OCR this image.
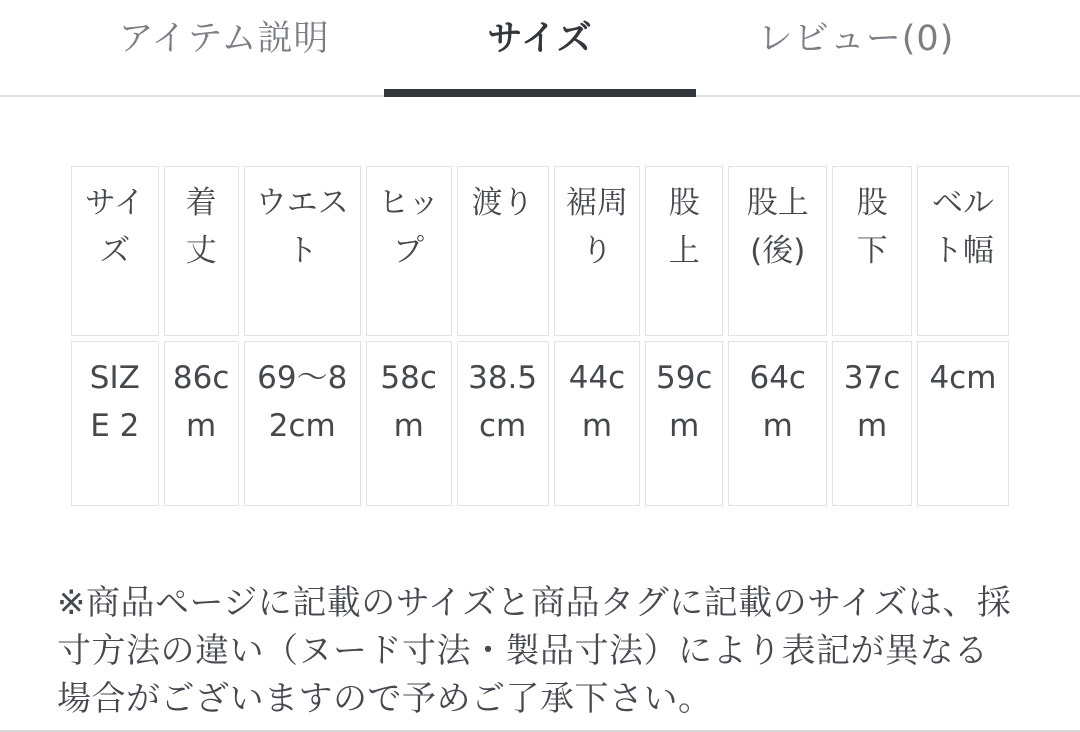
アイテム説明	サイズ	レビュー(0)
サイズ	着丈	ウエスト	ヒップ	渡り	裾周り	股上	股上(後)	股下	ベルト幅
SIZE 2	86cm	69〜82cm	58cm	38.5cm	44cm	59cm	64cm	37cm	4cm

※商品ページに記載のサイズと商品タグに記載のサイズは、採寸方法の違い（ヌード寸法・製品寸法）により表記が異なる場合がございますので予めご了承下さい。
